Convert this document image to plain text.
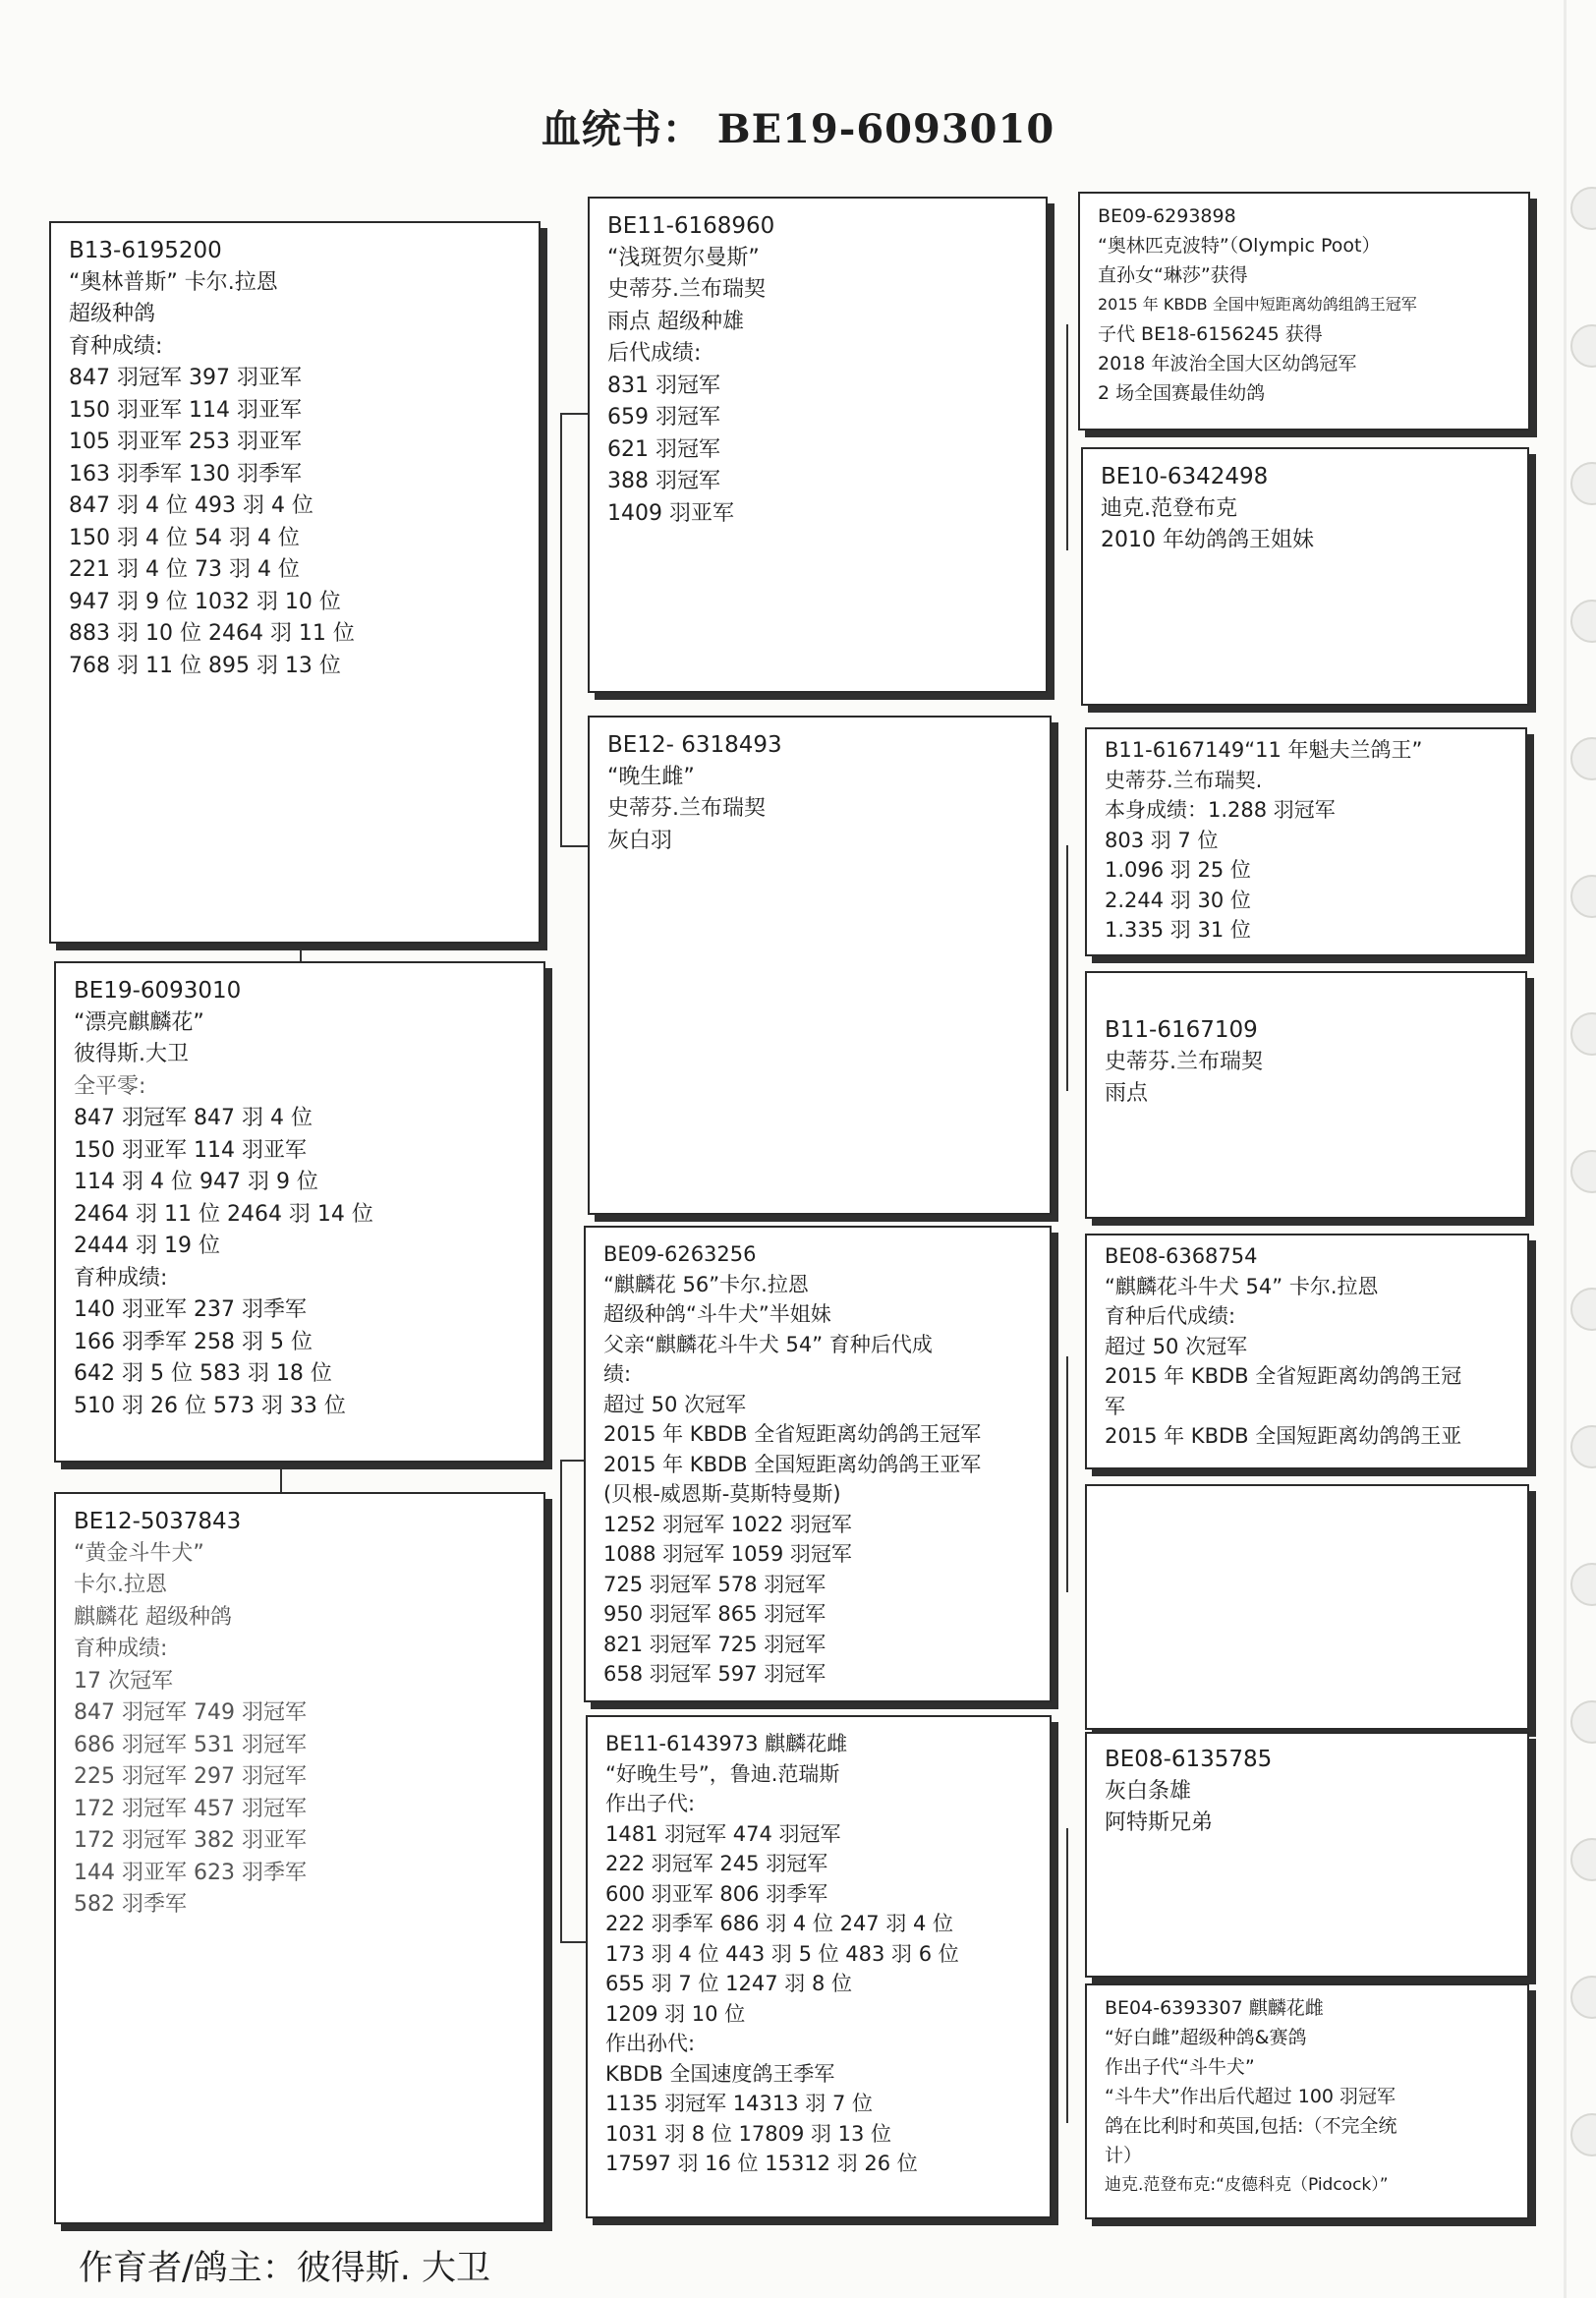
血统书： BE19-6093010
B13-6195200
“奥林普斯” 卡尔.拉恩
超级种鸽
育种成绩:
847 羽冠军 397 羽亚军
150 羽亚军 114 羽亚军
105 羽亚军 253 羽亚军
163 羽季军 130 羽季军
847 羽 4 位 493 羽 4 位
150 羽 4 位 54 羽 4 位
221 羽 4 位 73 羽 4 位
947 羽 9 位 1032 羽 10 位
883 羽 10 位 2464 羽 11 位
768 羽 11 位 895 羽 13 位
BE19-6093010
“漂亮麒麟花”
彼得斯.大卫
全平零:
847 羽冠军 847 羽 4 位
150 羽亚军 114 羽亚军
114 羽 4 位 947 羽 9 位
2464 羽 11 位 2464 羽 14 位
2444 羽 19 位
育种成绩:
140 羽亚军 237 羽季军
166 羽季军 258 羽 5 位
642 羽 5 位 583 羽 18 位
510 羽 26 位 573 羽 33 位
BE12-5037843
“黄金斗牛犬”
卡尔.拉恩
麒麟花 超级种鸽
育种成绩:
17 次冠军
847 羽冠军 749 羽冠军
686 羽冠军 531 羽冠军
225 羽冠军 297 羽冠军
172 羽冠军 457 羽冠军
172 羽冠军 382 羽亚军
144 羽亚军 623 羽季军
582 羽季军
BE11-6168960
“浅斑贺尔曼斯”
史蒂芬.兰布瑞契
雨点 超级种雄
后代成绩:
831 羽冠军
659 羽冠军
621 羽冠军
388 羽冠军
1409 羽亚军
BE12- 6318493
“晚生雌”
史蒂芬.兰布瑞契
灰白羽
BE09-6263256
“麒麟花 56”卡尔.拉恩
超级种鸽“斗牛犬”半姐妹
父亲“麒麟花斗牛犬 54” 育种后代成
绩:
超过 50 次冠军
2015 年 KBDB 全省短距离幼鸽鸽王冠军
2015 年 KBDB 全国短距离幼鸽鸽王亚军
(贝根-威恩斯-莫斯特曼斯)
1252 羽冠军 1022 羽冠军
1088 羽冠军 1059 羽冠军
725 羽冠军 578 羽冠军
950 羽冠军 865 羽冠军
821 羽冠军 725 羽冠军
658 羽冠军 597 羽冠军
BE11-6143973 麒麟花雌
“好晚生号”，鲁迪.范瑞斯
作出子代:
1481 羽冠军 474 羽冠军
222 羽冠军 245 羽冠军
600 羽亚军 806 羽季军
222 羽季军 686 羽 4 位 247 羽 4 位
173 羽 4 位 443 羽 5 位 483 羽 6 位
655 羽 7 位 1247 羽 8 位
1209 羽 10 位
作出孙代:
KBDB 全国速度鸽王季军
1135 羽冠军 14313 羽 7 位
1031 羽 8 位 17809 羽 13 位
17597 羽 16 位 15312 羽 26 位
BE09-6293898
“奥林匹克波特”（Olympic Poot）
直孙女“琳莎”获得
2015 年 KBDB 全国中短距离幼鸽组鸽王冠军
子代 BE18-6156245 获得
2018 年波治全国大区幼鸽冠军
2 场全国赛最佳幼鸽
BE10-6342498
迪克.范登布克
2010 年幼鸽鸽王姐妹
B11-6167149“11 年魁夫兰鸽王”
史蒂芬.兰布瑞契.
本身成绩：1.288 羽冠军
803 羽 7 位
1.096 羽 25 位
2.244 羽 30 位
1.335 羽 31 位
B11-6167109
史蒂芬.兰布瑞契
雨点
BE08-6368754
“麒麟花斗牛犬 54” 卡尔.拉恩
育种后代成绩:
超过 50 次冠军
2015 年 KBDB 全省短距离幼鸽鸽王冠
军
2015 年 KBDB 全国短距离幼鸽鸽王亚
BE08-6135785
灰白条雄
阿特斯兄弟
BE04-6393307 麒麟花雌
“好白雌”超级种鸽&赛鸽
作出子代“斗牛犬”
“斗牛犬”作出后代超过 100 羽冠军
鸽在比利时和英国,包括:（不完全统
计）
迪克.范登布克:“皮德科克（Pidcock）”
作育者/鸽主：彼得斯. 大卫
